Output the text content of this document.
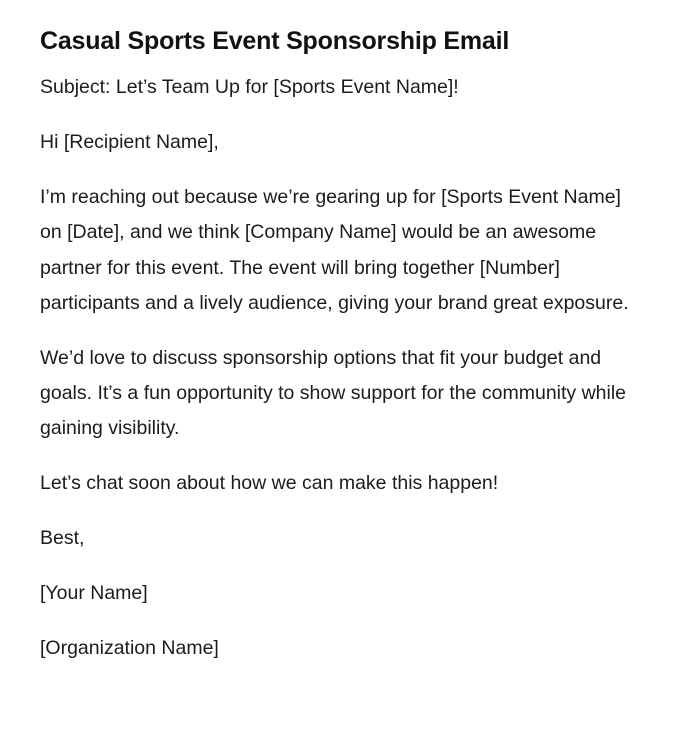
Casual Sports Event Sponsorship Email

Subject: Let’s Team Up for [Sports Event Name]!

Hi [Recipient Name],

I’m reaching out because we’re gearing up for [Sports Event Name] on [Date], and we think [Company Name] would be an awesome partner for this event. The event will bring together [Number] participants and a lively audience, giving your brand great exposure.

We’d love to discuss sponsorship options that fit your budget and goals. It’s a fun opportunity to show support for the community while gaining visibility.

Let’s chat soon about how we can make this happen!

Best,

[Your Name]

[Organization Name]
